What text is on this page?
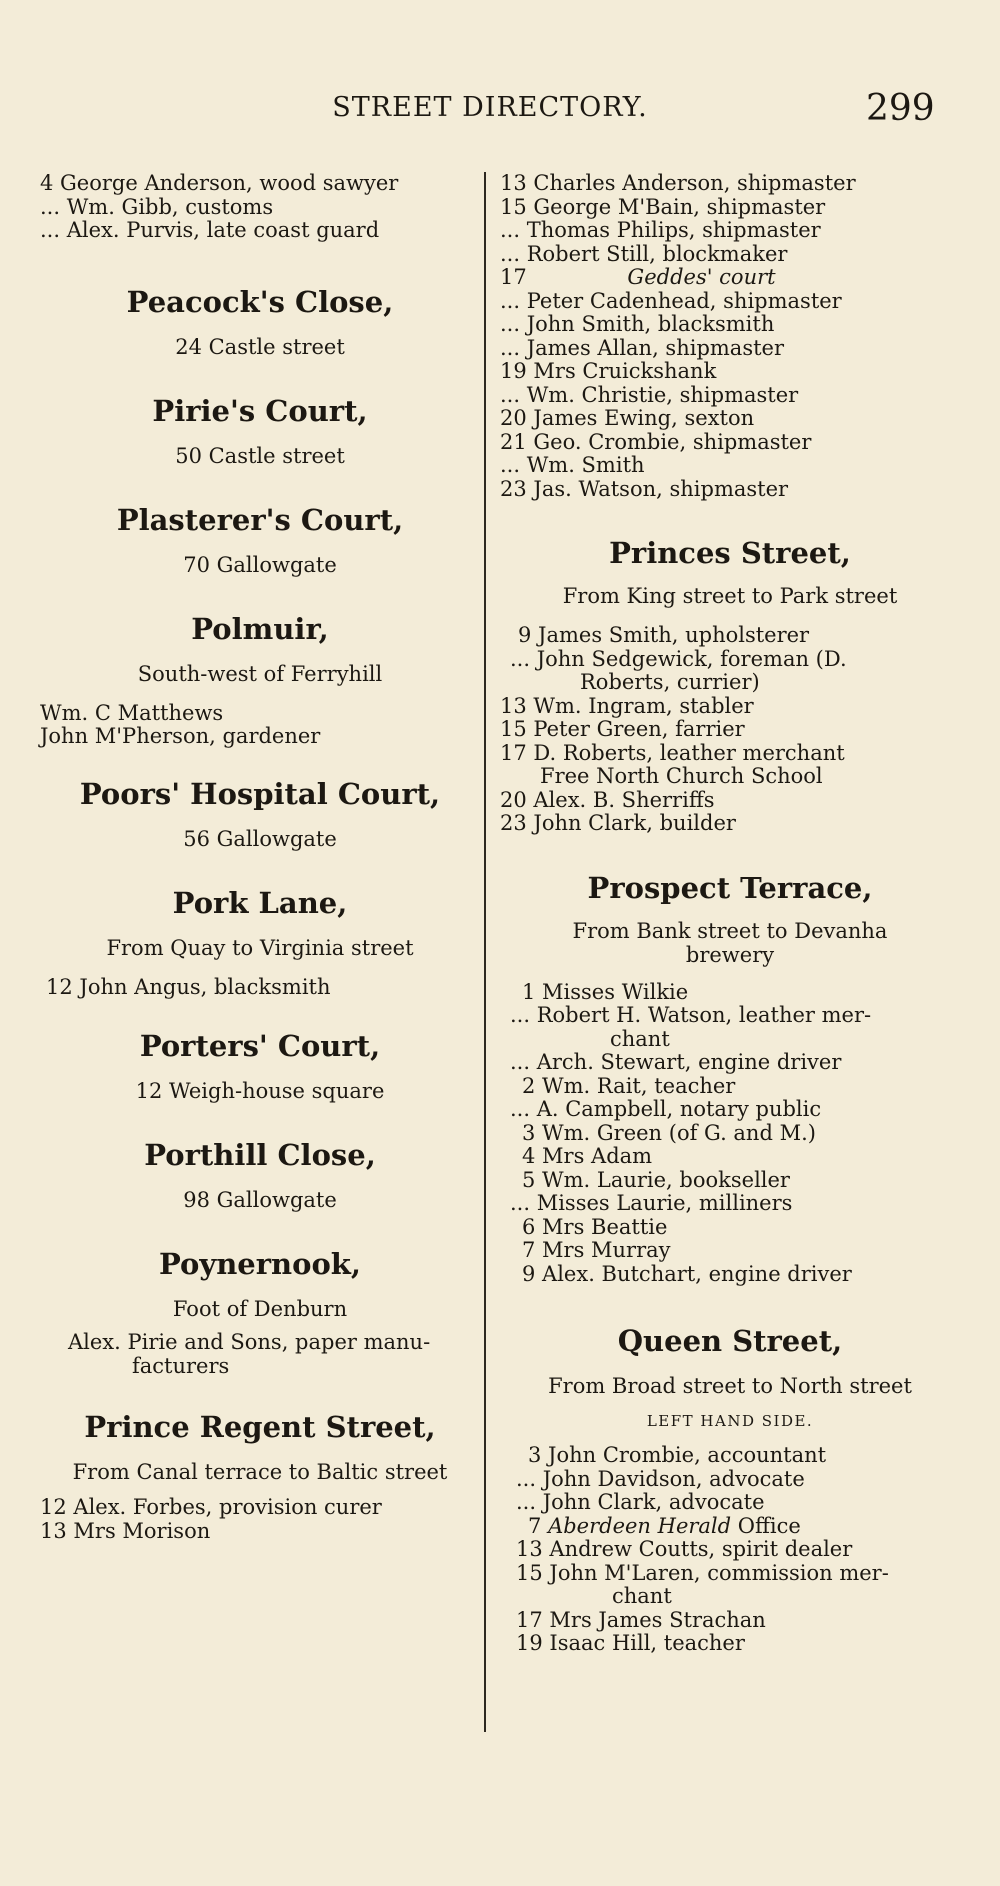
STREET DIRECTORY.	299
4 George Anderson, wood sawyer
... Wm. Gibb, customs
... Alex. Purvis, late coast guard
Peacock's Close,
24 Castle street
Pirie's Court,
50 Castle street
Plasterer's Court,
70 Gallowgate
Polmuir,
South-west of Ferryhill
Wm. C Matthews
John M'Pherson, gardener
Poors' Hospital Court,
56 Gallowgate
Pork Lane,
From Quay to Virginia street
12 John Angus, blacksmith
Porters' Court,
12 Weigh-house square
Porthill Close,
98 Gallowgate
Poynernook,
Foot of Denburn
Alex. Pirie and Sons, paper manu-
facturers
Prince Regent Street,
From Canal terrace to Baltic street
12 Alex. Forbes, provision curer
13 Mrs Morison
13 Charles Anderson, shipmaster
15 George M'Bain, shipmaster
... Thomas Philips, shipmaster
... Robert Still, blockmaker
17	Geddes' court
... Peter Cadenhead, shipmaster
... John Smith, blacksmith
... James Allan, shipmaster
19 Mrs Cruickshank
... Wm. Christie, shipmaster
20 James Ewing, sexton
21 Geo. Crombie, shipmaster
... Wm. Smith
23 Jas. Watson, shipmaster
Princes Street,
From King street to Park street
9 James Smith, upholsterer
... John Sedgewick, foreman (D.
Roberts, currier)
13 Wm. Ingram, stabler
15 Peter Green, farrier
17 D. Roberts, leather merchant
Free North Church School
20 Alex. B. Sherriffs
23 John Clark, builder
Prospect Terrace,
From Bank street to Devanha
brewery
1 Misses Wilkie
... Robert H. Watson, leather mer-
chant
... Arch. Stewart, engine driver
2 Wm. Rait, teacher
... A. Campbell, notary public
3 Wm. Green (of G. and M.)
4 Mrs Adam
5 Wm. Laurie, bookseller
... Misses Laurie, milliners
6 Mrs Beattie
7 Mrs Murray
9 Alex. Butchart, engine driver
Queen Street,
From Broad street to North street
LEFT HAND SIDE.
3 John Crombie, accountant
... John Davidson, advocate
... John Clark, advocate
7 Aberdeen Herald Office
13 Andrew Coutts, spirit dealer
15 John M'Laren, commission mer-
chant
17 Mrs James Strachan
19 Isaac Hill, teacher
